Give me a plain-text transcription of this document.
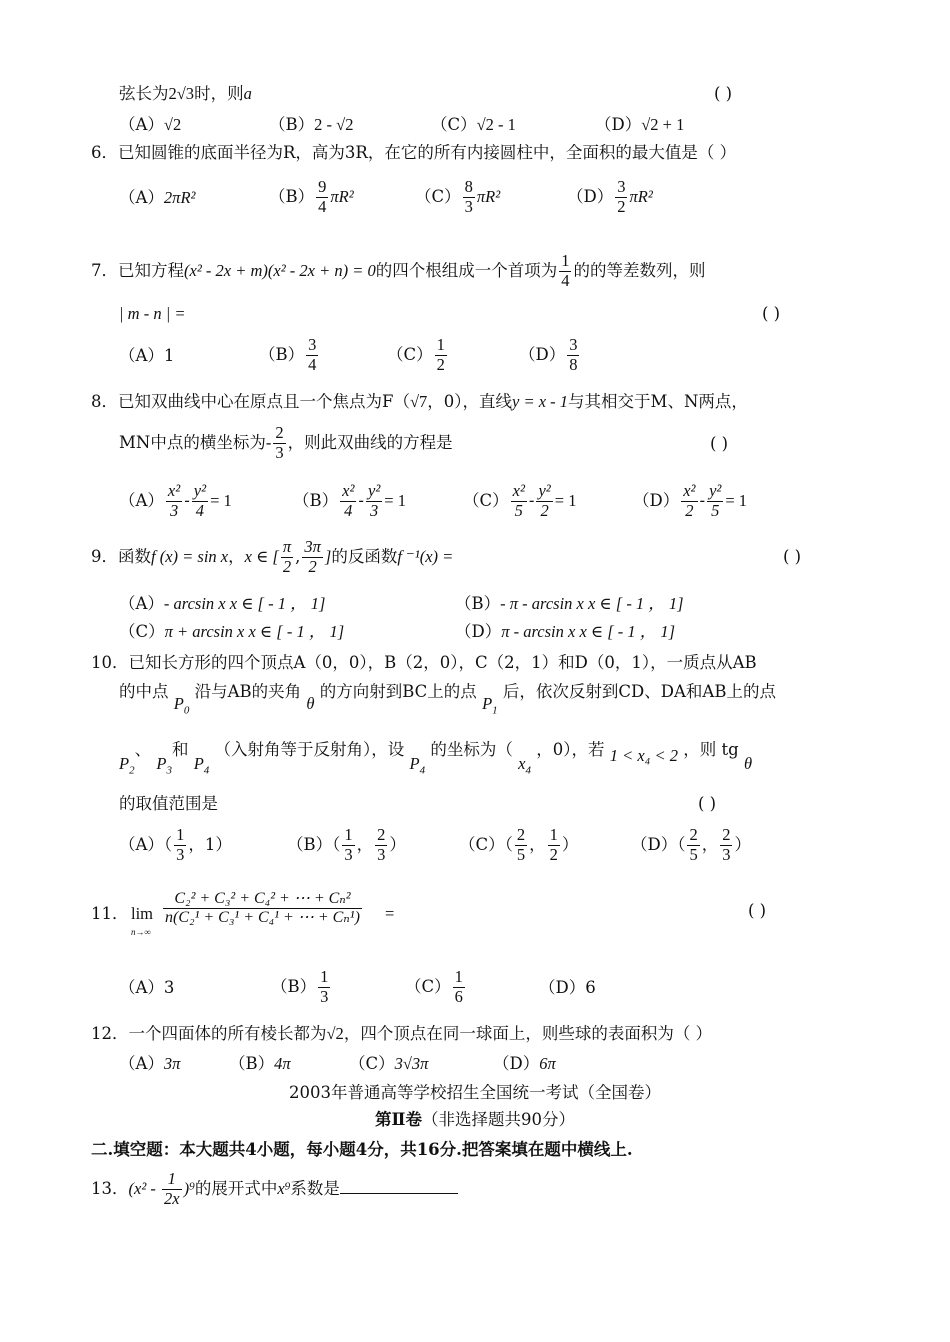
弦长为2√3时，则a	( )
（A）√2	（B）2 - √2	（C）√2 - 1	（D）√2 + 1
6．已知圆锥的底面半径为R，高为3R，在它的所有内接圆柱中，全面积的最大值是（ ）
（A）2πR²	$(B) \frac{9}{4} \pi R^2$	$(C) \frac{8}{3} \pi R^2$	$(D) \frac{3}{2} \pi R^2$
7．已知方程(x² - 2x + m)(x² - 2x + n) = 0的四个根组成一个首项为 $\frac{1}{4}$ 的的等差数列，则
| m - n | =	( )
（A）1	$(B) \frac{3}{4}$	$(C) \frac{1}{2}$	$(D) \frac{3}{8}$
8．已知双曲线中心在原点且一个焦点为F（√7，0），直线y = x - 1与其相交于M、N两点，
MN中点的横坐标为- $\frac{2}{3}$ ，则此双曲线的方程是	( )
$(A) \frac{\text{x²}}{3} - \frac{\text{y²}}{4} = 1$	$(B) \frac{\text{x²}}{4} - \frac{\text{y²}}{3} = 1$	$(C) \frac{\text{x²}}{5} - \frac{\text{y²}}{2} = 1$	$(D) \frac{\text{x²}}{2} - \frac{\text{y²}}{5} = 1$
9．函数f (x) = sin x，x ∈ [ $\frac{\pi}{2}$ , $\frac{3\pi}{2}$ ]的反函数f ⁻¹(x) =	( )
（A）- arcsin x x ∈ [ - 1 ， 1]	（B）- π - arcsin x x ∈ [ - 1 ， 1]
（C）π + arcsin x x ∈ [ - 1 ， 1]	（D）π - arcsin x x ∈ [ - 1 ， 1]
10．已知长方形的四个顶点A（0，0），B（2，0），C（2，1）和D（0，1），一质点从AB
的中点 $P_0$ 沿与AB的夹角 θ 的方向射到BC上的点 $P_1$ 后，依次反射到CD、DA和AB上的点
$P_2$、 $P_3$和 $P_4$ （入射角等于反射角），设 $P_4$ 的坐标为（ $x_4$ ，0），若 1 < x₄ < 2 ，则 tg θ
的取值范围是	( )
$(A)( \frac{1}{3}$ ，1）	$(B)( \frac{1}{3}$ ， $\frac{2}{3}$ ）	$(C)( \frac{2}{5}$ ， $\frac{1}{2}$ ）	$(D)( \frac{2}{5}$ ， $\frac{2}{3}$ ）
11． lim
n→∞
$\frac{\text{C₂² + C₃² + C₄² + ⋯ + Cₙ²}}{\text{n(C₂¹ + C₃¹ + C₄¹ + ⋯ + Cₙ¹)}}$ =	( )
（A）3	$(B) \frac{1}{3}$	$(C) \frac{1}{6}$	（D）6
12．一个四面体的所有棱长都为√2，四个顶点在同一球面上，则些球的表面积为（ ）
（A）3π	（B）4π	（C）3√3π	（D）6π
2003年普通高等学校招生全国统一考试（全国卷）
第Ⅱ卷（非选择题共90分）
二.填空题：本大题共4小题，每小题4分，共16分.把答案填在题中横线上.
13．$(x^2 - \frac{1}{2x} )^9$的展开式中x⁹系数是
